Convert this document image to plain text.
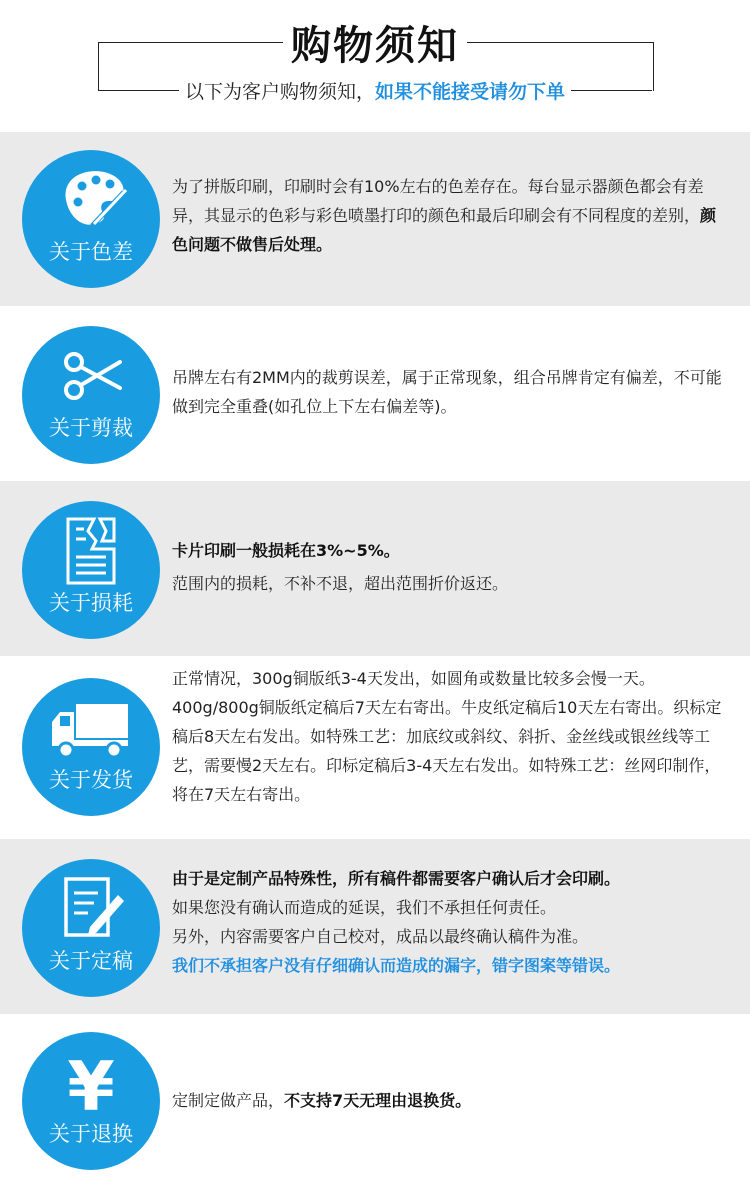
购物须知
以下为客户购物须知，如果不能接受请勿下单
关于色差

为了拼版印刷，印刷时会有10%左右的色差存在。每台显示器颜色都会有差异，其显示的色彩与彩色喷墨打印的颜色和最后印刷会有不同程度的差别，颜色问题不做售后处理。

关于剪裁

吊牌左右有2MM内的裁剪误差，属于正常现象，组合吊牌肯定有偏差，不可能做到完全重叠(如孔位上下左右偏差等)。

关于损耗

卡片印刷一般损耗在3%~5%。

范围内的损耗，不补不退，超出范围折价返还。

关于发货

正常情况，300g铜版纸3-4天发出，如圆角或数量比较多会慢一天。400g/800g铜版纸定稿后7天左右寄出。牛皮纸定稿后10天左右寄出。织标定稿后8天左右发出。如特殊工艺：加底纹或斜纹、斜折、金丝线或银丝线等工艺，需要慢2天左右。印标定稿后3-4天左右发出。如特殊工艺：丝网印制作，将在7天左右寄出。

关于定稿

由于是定制产品特殊性，所有稿件都需要客户确认后才会印刷。

如果您没有确认而造成的延误，我们不承担任何责任。

另外，内容需要客户自己校对，成品以最终确认稿件为准。

我们不承担客户没有仔细确认而造成的漏字，错字图案等错误。

¥
关于退换

定制定做产品，不支持7天无理由退换货。
